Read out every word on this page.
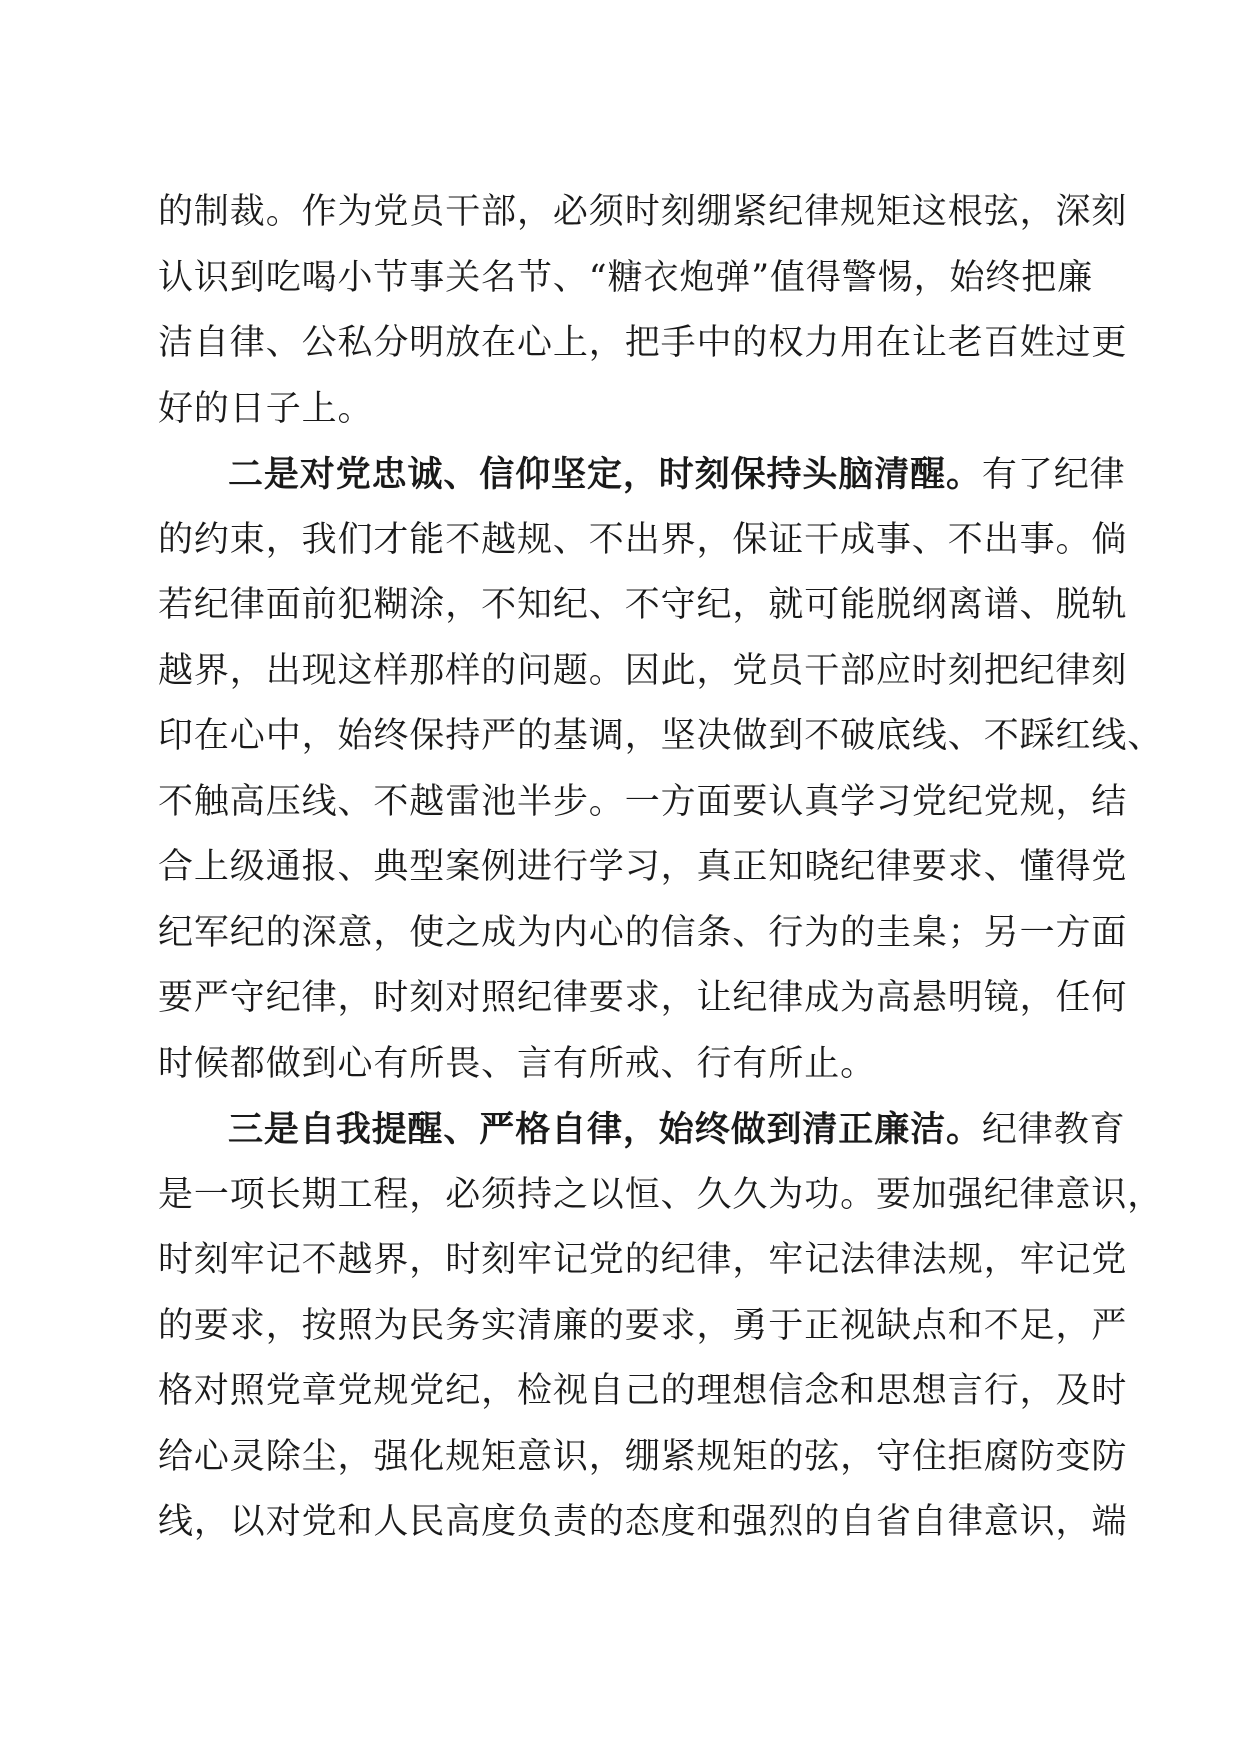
的制裁。作为党员干部，必须时刻绷紧纪律规矩这根弦，深刻
认识到吃喝小节事关名节、“糖衣炮弹”值得警惕，始终把廉
洁自律、公私分明放在心上，把手中的权力用在让老百姓过更
好的日子上。
二是对党忠诚、信仰坚定，时刻保持头脑清醒。有了纪律
的约束，我们才能不越规、不出界，保证干成事、不出事。倘
若纪律面前犯糊涂，不知纪、不守纪，就可能脱纲离谱、脱轨
越界，出现这样那样的问题。因此，党员干部应时刻把纪律刻
印在心中，始终保持严的基调，坚决做到不破底线、不踩红线、
不触高压线、不越雷池半步。一方面要认真学习党纪党规，结
合上级通报、典型案例进行学习，真正知晓纪律要求、懂得党
纪军纪的深意，使之成为内心的信条、行为的圭臬；另一方面
要严守纪律，时刻对照纪律要求，让纪律成为高悬明镜，任何
时候都做到心有所畏、言有所戒、行有所止。
三是自我提醒、严格自律，始终做到清正廉洁。纪律教育
是一项长期工程，必须持之以恒、久久为功。要加强纪律意识，
时刻牢记不越界，时刻牢记党的纪律，牢记法律法规，牢记党
的要求，按照为民务实清廉的要求，勇于正视缺点和不足，严
格对照党章党规党纪，检视自己的理想信念和思想言行，及时
给心灵除尘，强化规矩意识，绷紧规矩的弦，守住拒腐防变防
线，以对党和人民高度负责的态度和强烈的自省自律意识，端
